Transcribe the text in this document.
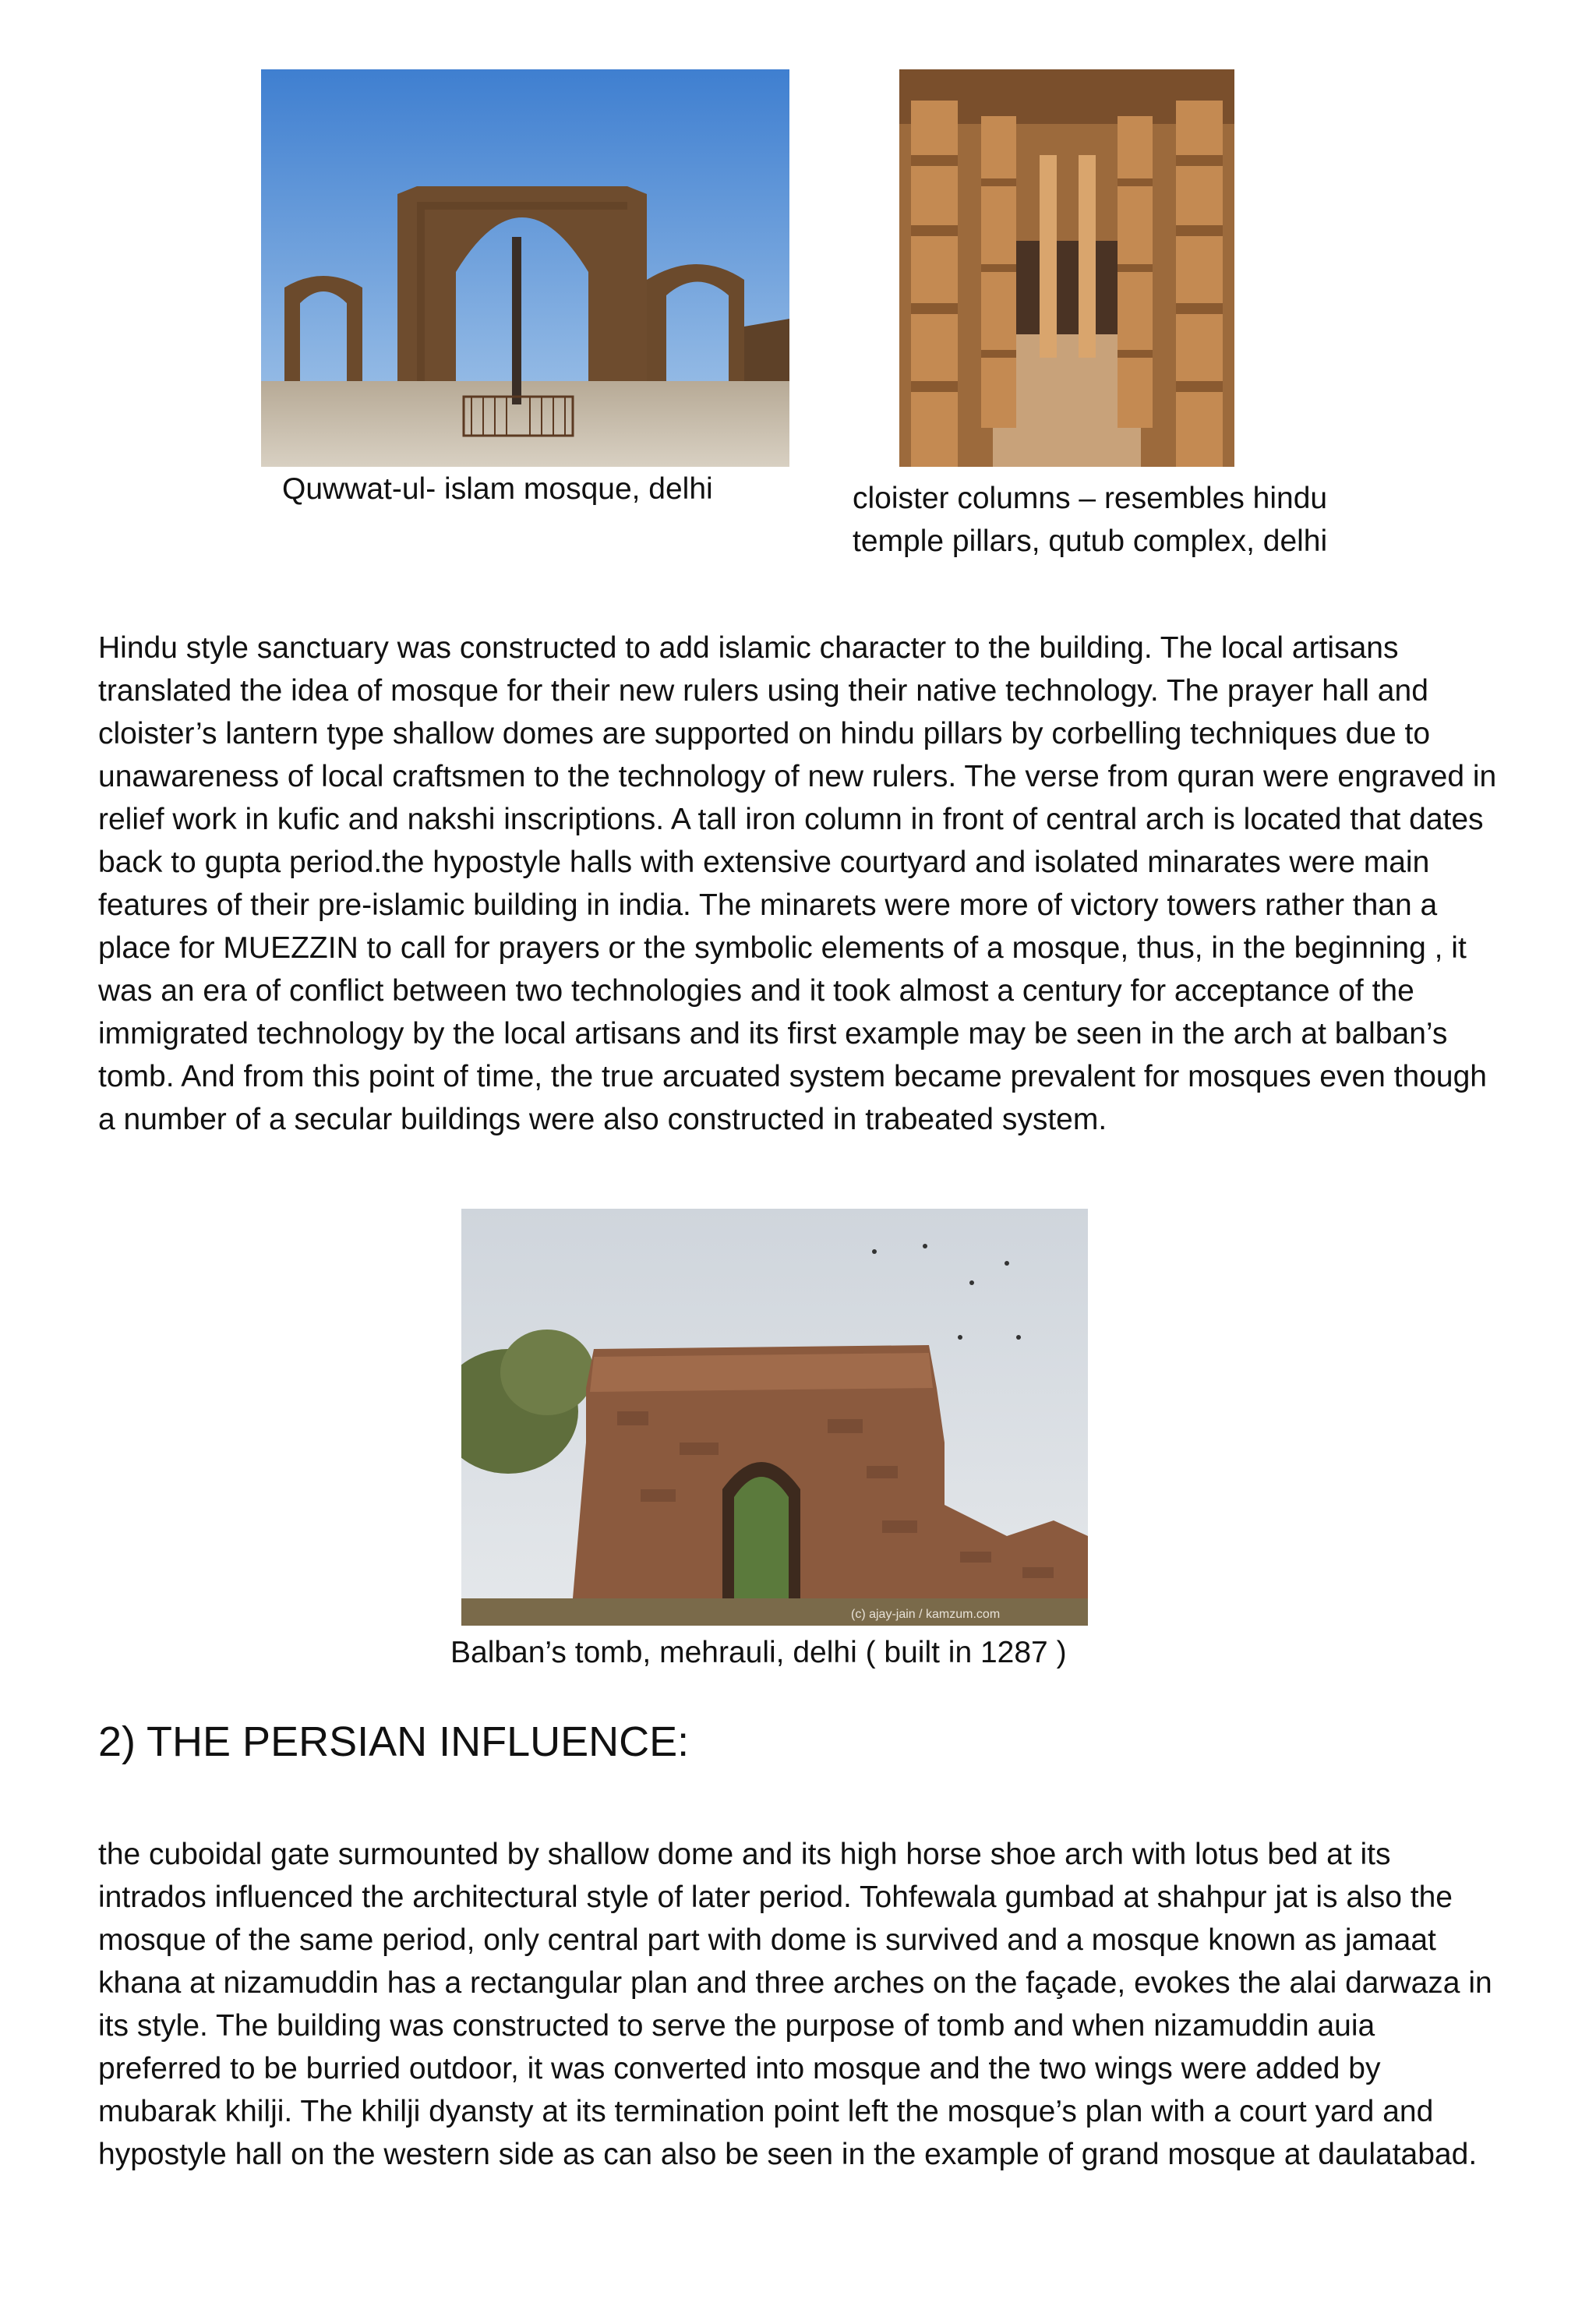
Quwwat-ul- islam mosque, delhi	cloister columns – resembles hindu
temple pillars, qutub complex, delhi

Hindu style sanctuary was constructed to add islamic character to the building. The local artisans translated the idea of mosque for their new rulers using their native technology. The prayer hall and cloister’s lantern type shallow domes are supported on hindu pillars by corbelling techniques due to unawareness of local craftsmen to the technology of new rulers. The verse from quran were engraved in relief work in kufic and nakshi inscriptions. A tall iron column in front of central arch is located that dates back to gupta period.the hypostyle halls with extensive courtyard and isolated minarates were main features of their pre-islamic building in india. The minarets were more of victory towers rather than a place for MUEZZIN to call for prayers or the symbolic elements of a mosque, thus, in the beginning , it was an era of conflict between two technologies and it took almost a century for acceptance of the immigrated technology by the local artisans and its first example may be seen in the arch at balban’s tomb. And from this point of time, the true arcuated system became prevalent for mosques even though a number of a secular buildings were also constructed in trabeated system.

(c) ajay-jain / kamzum.com
Balban’s tomb, mehrauli, delhi ( built in 1287 )
2) THE PERSIAN INFLUENCE:

the cuboidal gate surmounted by shallow dome and its high horse shoe arch with lotus bed at its intrados influenced the architectural style of later period. Tohfewala gumbad at shahpur jat is also the mosque of the same period, only central part with dome is survived and a mosque known as jamaat khana at nizamuddin has a rectangular plan and three arches on the façade, evokes the alai darwaza in its style. The building was constructed to serve the purpose of tomb and when nizamuddin auia preferred to be burried outdoor, it was converted into mosque and the two wings were added by mubarak khilji. The khilji dyansty at its termination point left the mosque’s plan with a court yard and hypostyle hall on the western side as can also be seen in the example of grand mosque at daulatabad.
